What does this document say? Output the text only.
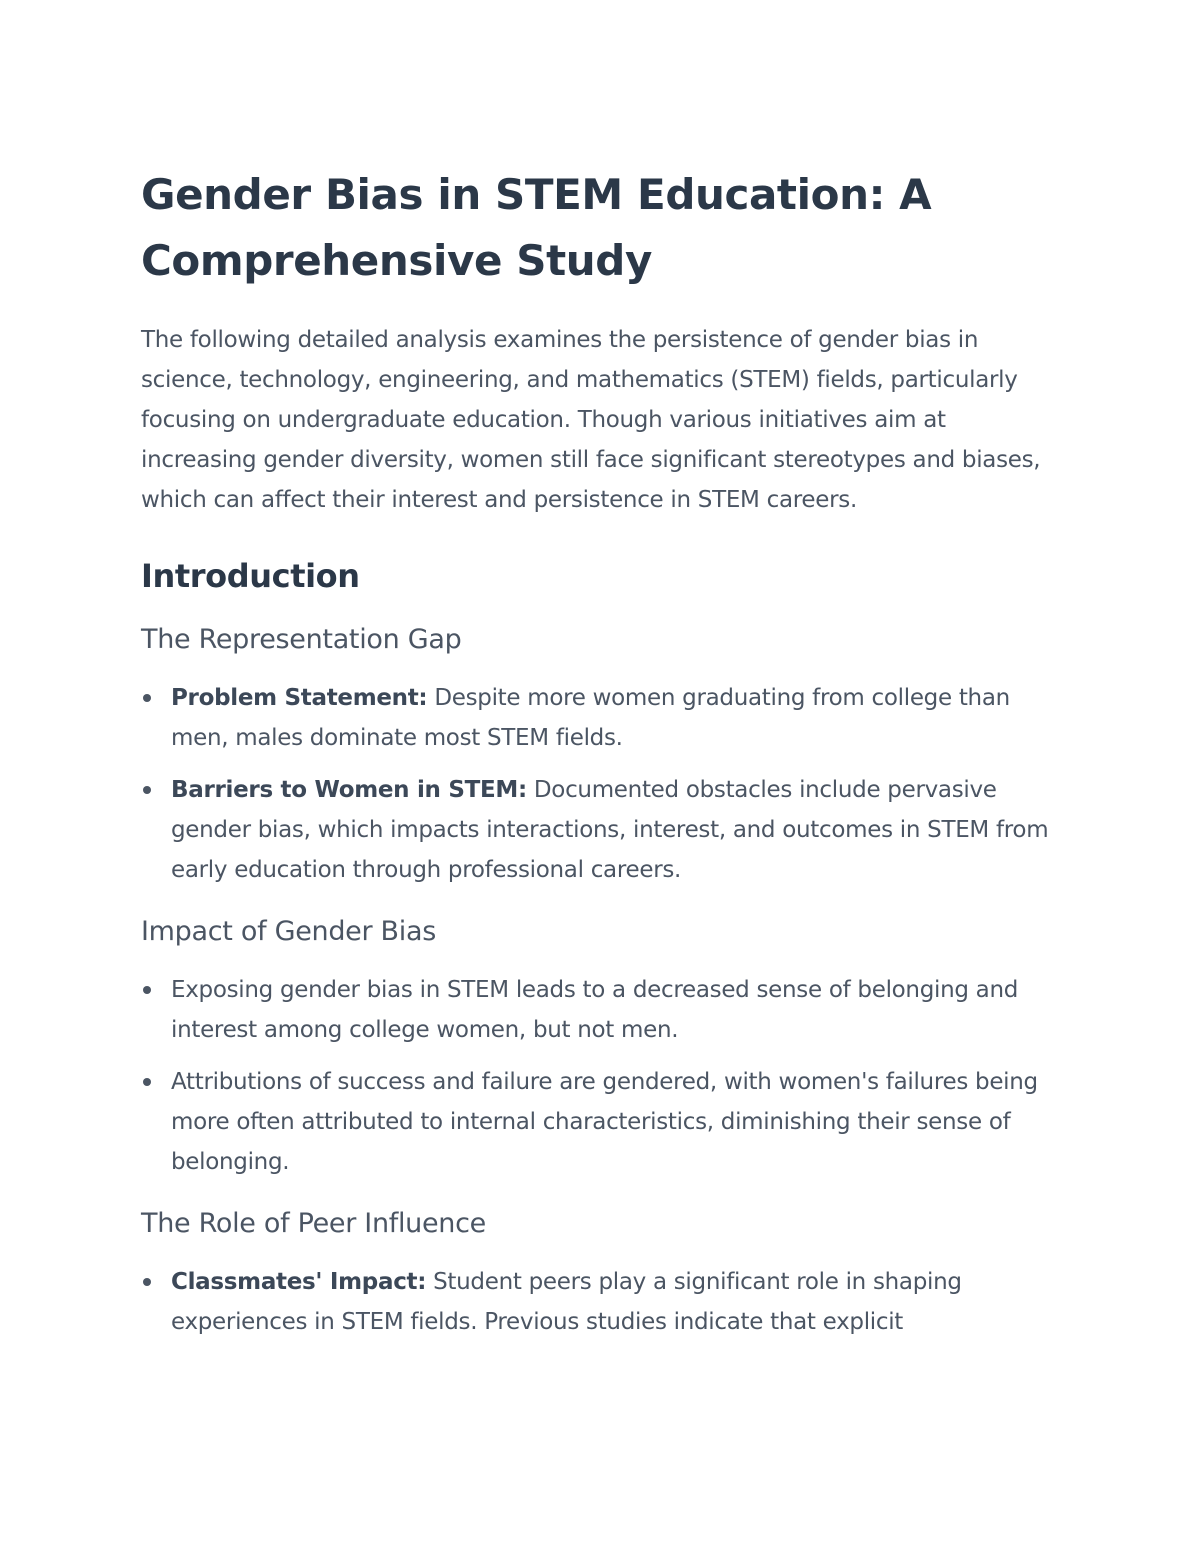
Gender Bias in STEM Education: A Comprehensive Study

The following detailed analysis examines the persistence of gender bias in science, technology, engineering, and mathematics (STEM) fields, particularly focusing on undergraduate education. Though various initiatives aim at increasing gender diversity, women still face significant stereotypes and biases, which can affect their interest and persistence in STEM careers.

Introduction
The Representation Gap
Problem Statement: Despite more women graduating from college than men, males dominate most STEM fields.
Barriers to Women in STEM: Documented obstacles include pervasive gender bias, which impacts interactions, interest, and outcomes in STEM from early education through professional careers.
Impact of Gender Bias
Exposing gender bias in STEM leads to a decreased sense of belonging and interest among college women, but not men.
Attributions of success and failure are gendered, with women's failures being more often attributed to internal characteristics, diminishing their sense of belonging.
The Role of Peer Influence
Classmates' Impact: Student peers play a significant role in shaping experiences in STEM fields. Previous studies indicate that explicit
